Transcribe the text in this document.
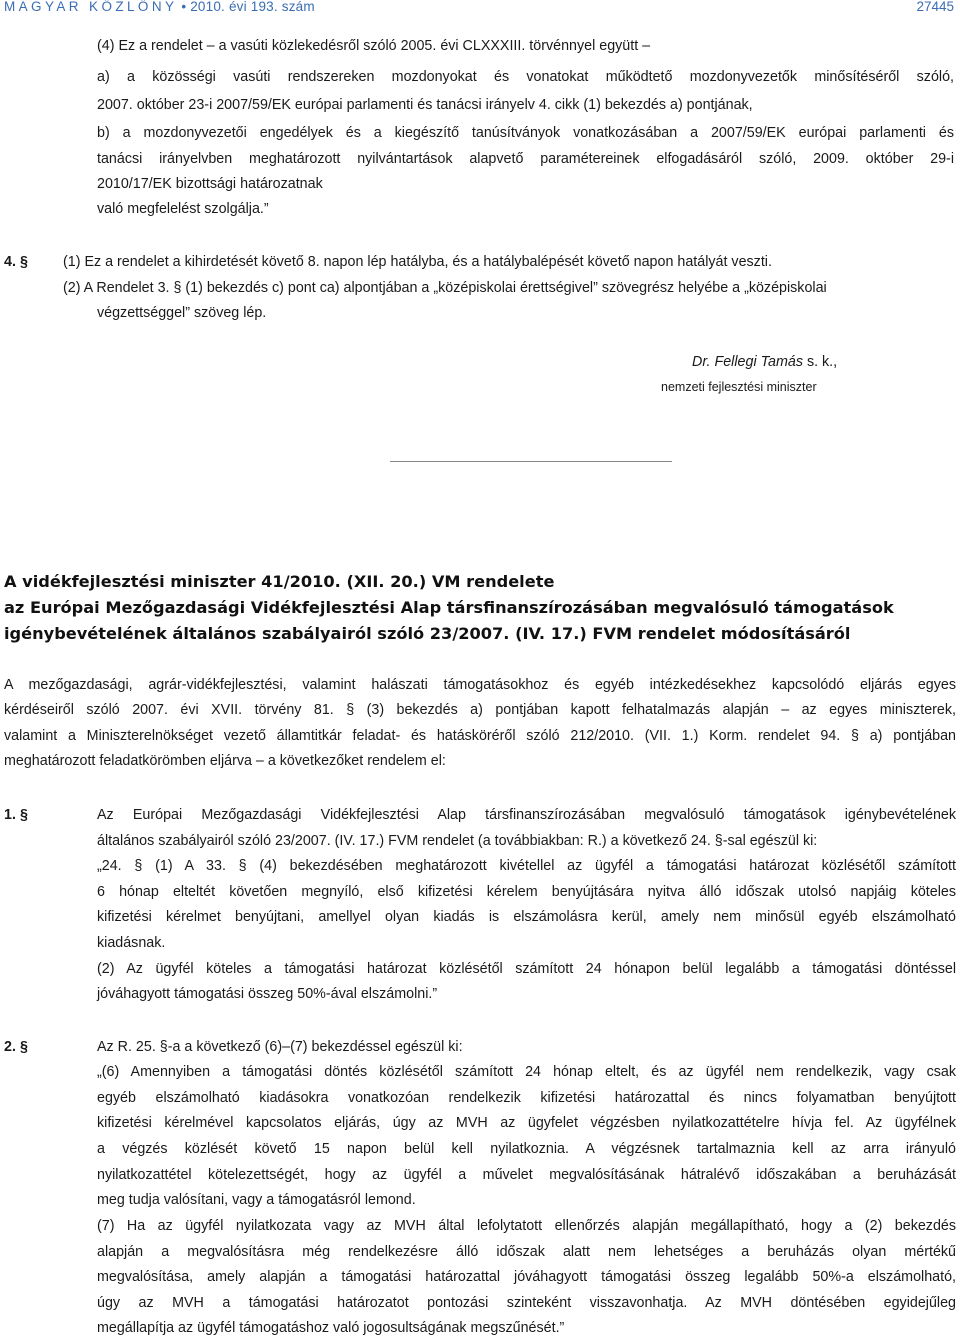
MAGYAR KÖZLÖNY • 2010. évi 193. szám	27445

(4) Ez a rendelet – a vasúti közlekedésről szóló 2005. évi CLXXXIII. törvénnyel együtt –

a) a közösségi vasúti rendszereken mozdonyokat és vonatokat működtető mozdonyvezetők minősítéséről szóló,

2007. október 23-i 2007/59/EK európai parlamenti és tanácsi irányelv 4. cikk (1) bekezdés a) pontjának,

b) a mozdonyvezetői engedélyek és a kiegészítő tanúsítványok vonatkozásában a 2007/59/EK európai parlamenti és

tanácsi irányelvben meghatározott nyilvántartások alapvető paramétereinek elfogadásáról szóló, 2009. október 29-i

2010/17/EK bizottsági határozatnak

való megfelelést szolgálja.”

4. § (1) Ez a rendelet a kihirdetését követő 8. napon lép hatályba, és a hatálybalépését követő napon hatályát veszti.

(2) A Rendelet 3. § (1) bekezdés c) pont ca) alpontjában a „középiskolai érettségivel” szövegrész helyébe a „középiskolai

végzettséggel” szöveg lép.

Dr. Fellegi Tamás s. k.,
nemzeti fejlesztési miniszter
A vidékfejlesztési miniszter 41/2010. (XII. 20.) VM rendelete
az Európai Mezőgazdasági Vidékfejlesztési Alap társfinanszírozásában megvalósuló támogatások
igénybevételének általános szabályairól szóló 23/2007. (IV. 17.) FVM rendelet módosításáról

A mezőgazdasági, agrár-vidékfejlesztési, valamint halászati támogatásokhoz és egyéb intézkedésekhez kapcsolódó eljárás egyes

kérdéseiről szóló 2007. évi XVII. törvény 81. § (3) bekezdés a) pontjában kapott felhatalmazás alapján – az egyes miniszterek,

valamint a Miniszterelnökséget vezető államtitkár feladat- és hatásköréről szóló 212/2010. (VII. 1.) Korm. rendelet 94. § a) pontjában

meghatározott feladatkörömben eljárva – a következőket rendelem el:

1. §	Az Európai Mezőgazdasági Vidékfejlesztési Alap társfinanszírozásában megvalósuló támogatások igénybevételének

általános szabályairól szóló 23/2007. (IV. 17.) FVM rendelet (a továbbiakban: R.) a következő 24. §-sal egészül ki:

„24. § (1) A 33. § (4) bekezdésében meghatározott kivétellel az ügyfél a támogatási határozat közlésétől számított

6 hónap elteltét követően megnyíló, első kifizetési kérelem benyújtására nyitva álló időszak utolsó napjáig köteles

kifizetési kérelmet benyújtani, amellyel olyan kiadás is elszámolásra kerül, amely nem minősül egyéb elszámolható

kiadásnak.

(2) Az ügyfél köteles a támogatási határozat közlésétől számított 24 hónapon belül legalább a támogatási döntéssel

jóváhagyott támogatási összeg 50%-ával elszámolni.”

2. §	Az R. 25. §-a a következő (6)–(7) bekezdéssel egészül ki:

„(6) Amennyiben a támogatási döntés közlésétől számított 24 hónap eltelt, és az ügyfél nem rendelkezik, vagy csak

egyéb elszámolható kiadásokra vonatkozóan rendelkezik kifizetési határozattal és nincs folyamatban benyújtott

kifizetési kérelmével kapcsolatos eljárás, úgy az MVH az ügyfelet végzésben nyilatkozattételre hívja fel. Az ügyfélnek

a végzés közlését követő 15 napon belül kell nyilatkoznia. A végzésnek tartalmaznia kell az arra irányuló

nyilatkozattétel kötelezettségét, hogy az ügyfél a művelet megvalósításának hátralévő időszakában a beruházását

meg tudja valósítani, vagy a támogatásról lemond.

(7) Ha az ügyfél nyilatkozata vagy az MVH által lefolytatott ellenőrzés alapján megállapítható, hogy a (2) bekezdés

alapján a megvalósításra még rendelkezésre álló időszak alatt nem lehetséges a beruházás olyan mértékű

megvalósítása, amely alapján a támogatási határozattal jóváhagyott támogatási összeg legalább 50%-a elszámolható,

úgy az MVH a támogatási határozatot pontozási szinteként visszavonhatja. Az MVH döntésében egyidejűleg

megállapítja az ügyfél támogatáshoz való jogosultságának megszűnését.”
